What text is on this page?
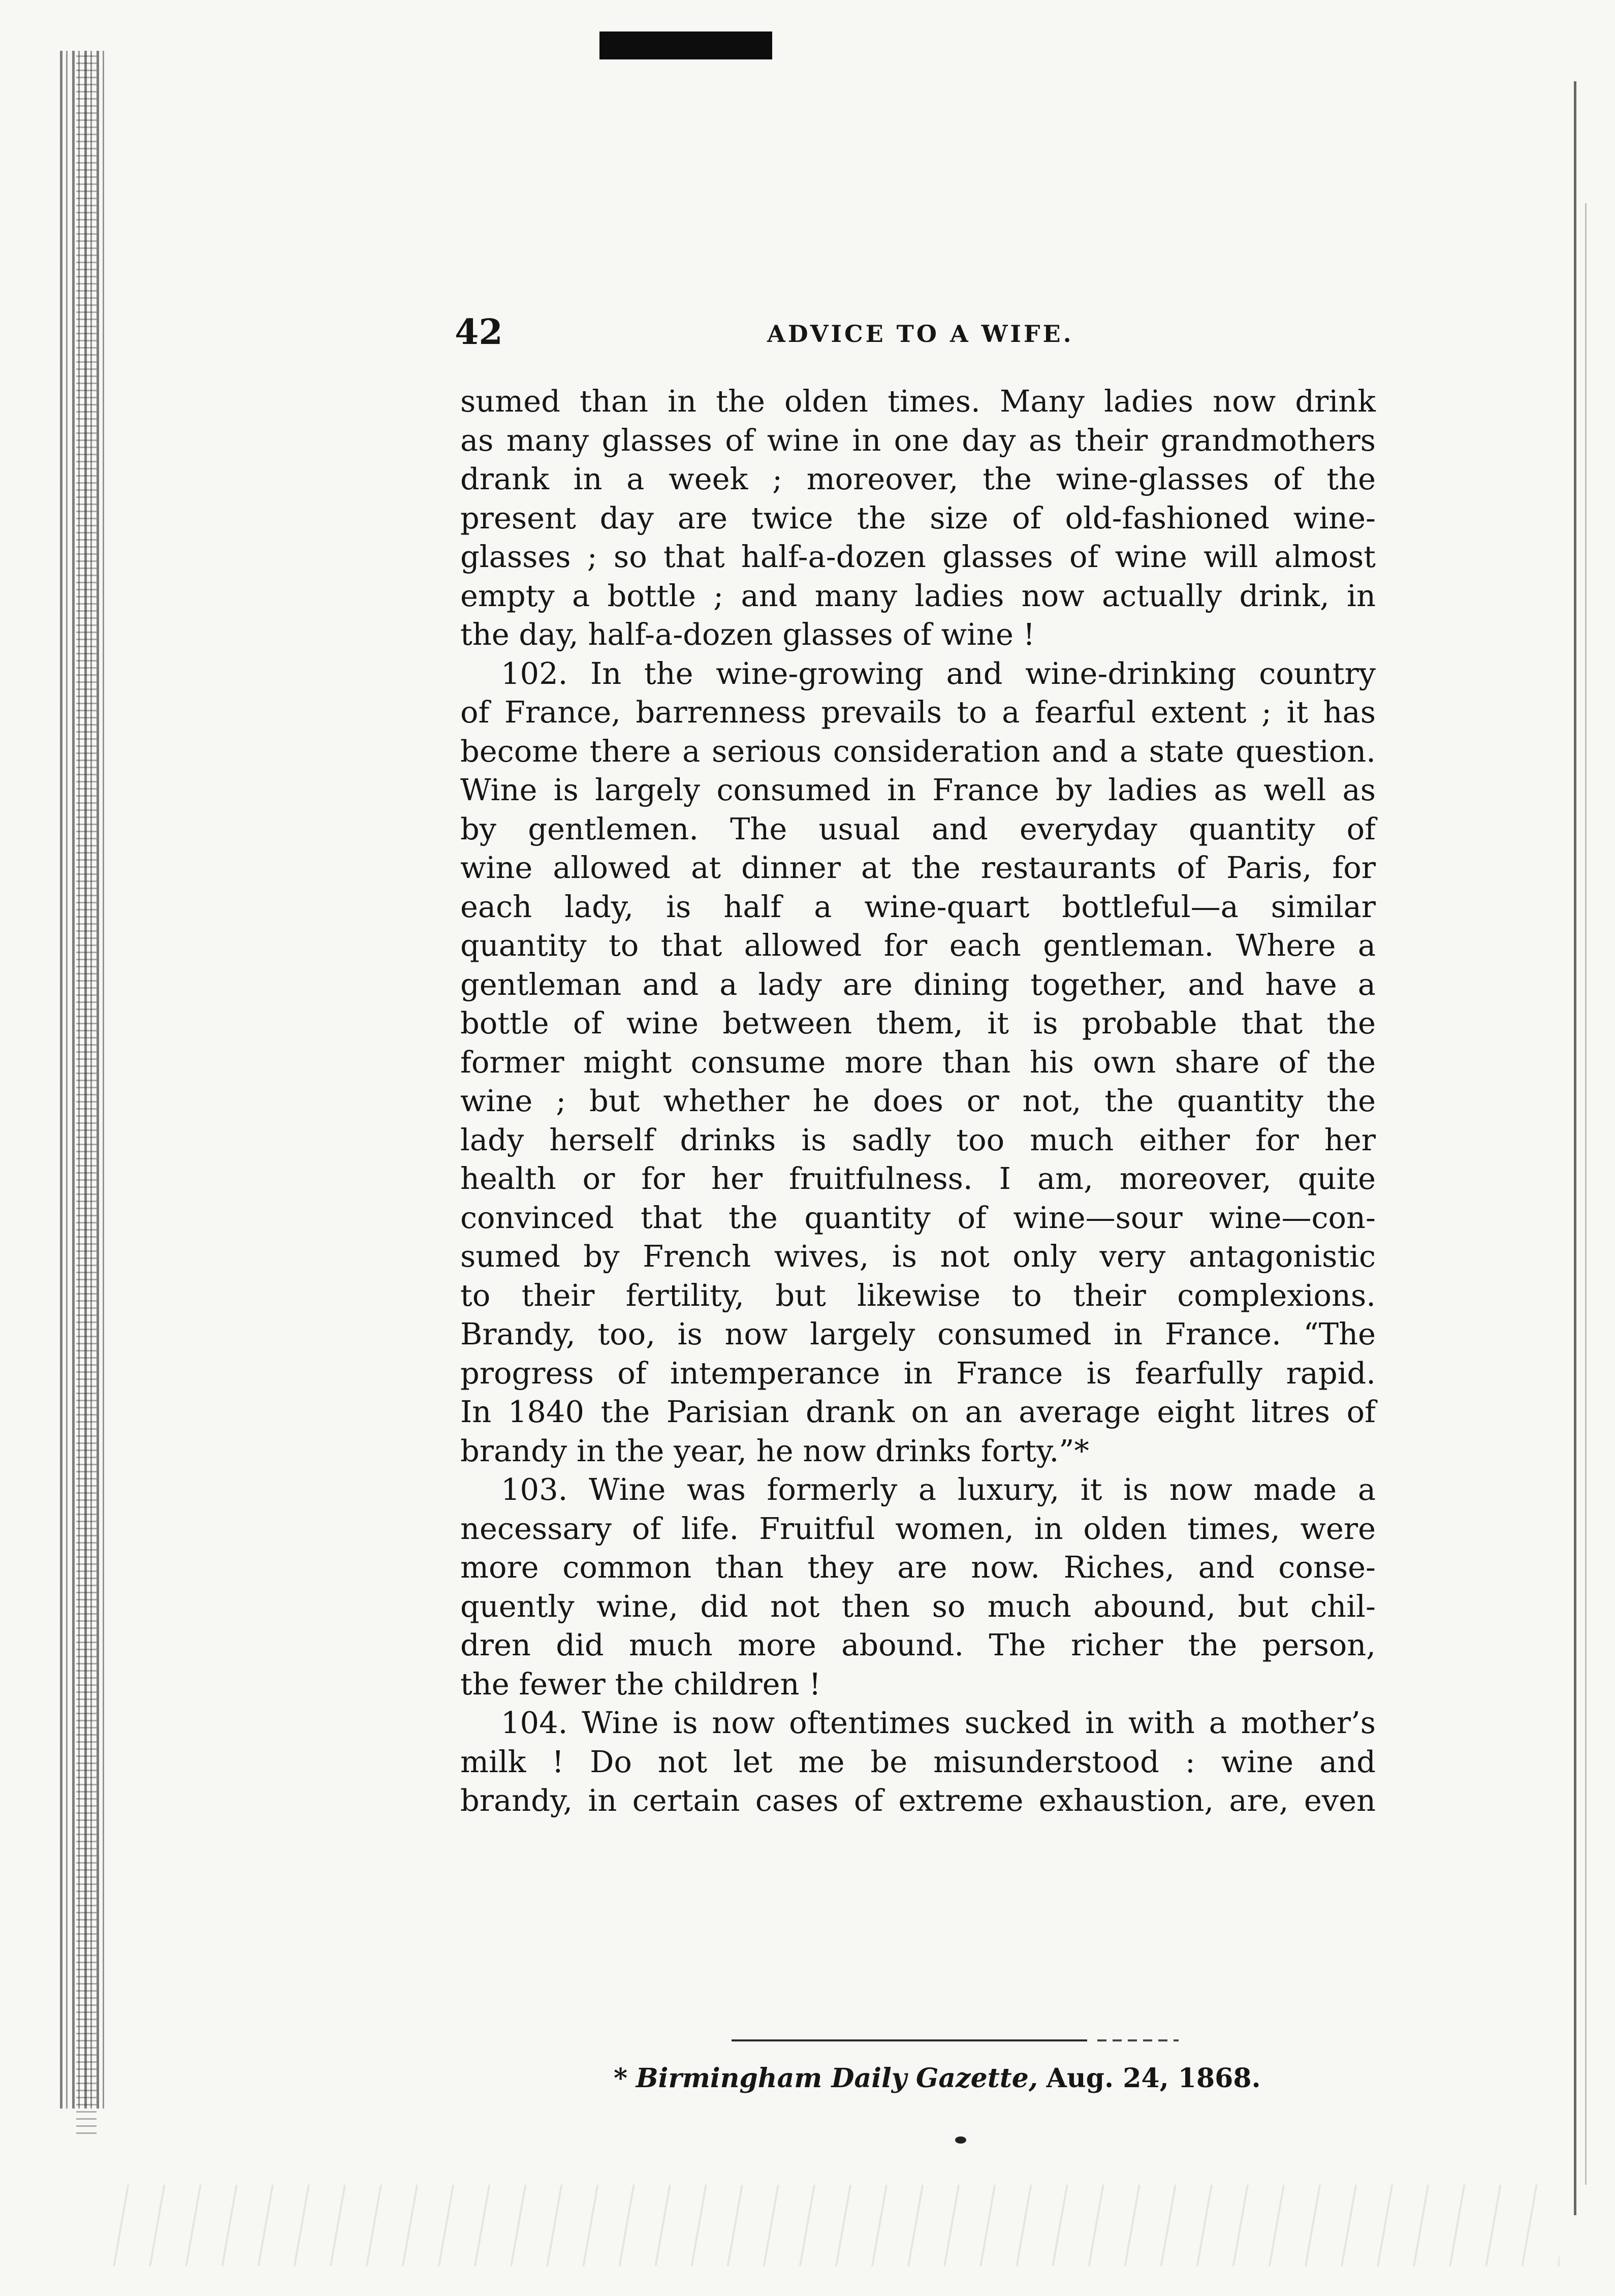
42	ADVICE TO A WIFE.
sumed than in the olden times. Many ladies now drink
as many glasses of wine in one day as their grandmothers
drank in a week ; moreover, the wine-glasses of the
present day are twice the size of old-fashioned wine-
glasses ; so that half-a-dozen glasses of wine will almost
empty a bottle ; and many ladies now actually drink, in
the day, half-a-dozen glasses of wine !
102. In the wine-growing and wine-drinking country
of France, barrenness prevails to a fearful extent ; it has
become there a serious consideration and a state question.
Wine is largely consumed in France by ladies as well as
by gentlemen. The usual and everyday quantity of
wine allowed at dinner at the restaurants of Paris, for
each lady, is half a wine-quart bottleful—a similar
quantity to that allowed for each gentleman. Where a
gentleman and a lady are dining together, and have a
bottle of wine between them, it is probable that the
former might consume more than his own share of the
wine ; but whether he does or not, the quantity the
lady herself drinks is sadly too much either for her
health or for her fruitfulness. I am, moreover, quite
convinced that the quantity of wine—sour wine—con-
sumed by French wives, is not only very antagonistic
to their fertility, but likewise to their complexions.
Brandy, too, is now largely consumed in France. “The
progress of intemperance in France is fearfully rapid.
In 1840 the Parisian drank on an average eight litres of
brandy in the year, he now drinks forty.”*
103. Wine was formerly a luxury, it is now made a
necessary of life. Fruitful women, in olden times, were
more common than they are now. Riches, and conse-
quently wine, did not then so much abound, but chil-
dren did much more abound. The richer the person,
the fewer the children !
104. Wine is now oftentimes sucked in with a mother’s
milk ! Do not let me be misunderstood : wine and
brandy, in certain cases of extreme exhaustion, are, even
* Birmingham Daily Gazette, Aug. 24, 1868.
